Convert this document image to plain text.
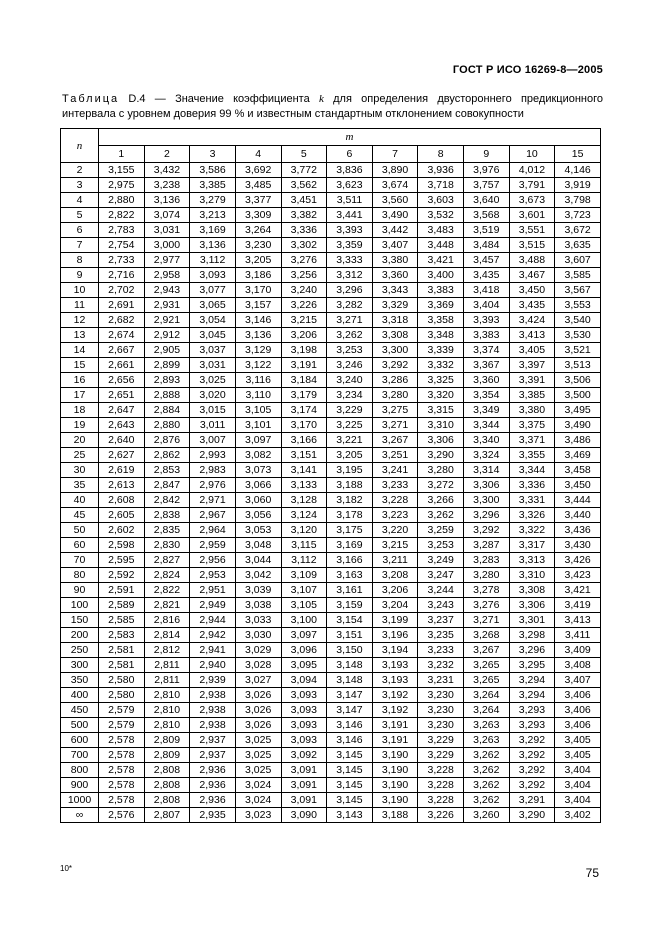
ГОСТ Р ИСО 16269-8—2005

Таблица D.4 — Значение коэффициента k для определения двустороннего предикционного интервала с уровнем доверия 99 % и известным стандартным отклонением совокупности

n	m										
	1	2	3	4	5	6	7	8	9	10	15
2	3,155	3,432	3,586	3,692	3,772	3,836	3,890	3,936	3,976	4,012	4,146
3	2,975	3,238	3,385	3,485	3,562	3,623	3,674	3,718	3,757	3,791	3,919
4	2,880	3,136	3,279	3,377	3,451	3,511	3,560	3,603	3,640	3,673	3,798
5	2,822	3,074	3,213	3,309	3,382	3,441	3,490	3,532	3,568	3,601	3,723
6	2,783	3,031	3,169	3,264	3,336	3,393	3,442	3,483	3,519	3,551	3,672
7	2,754	3,000	3,136	3,230	3,302	3,359	3,407	3,448	3,484	3,515	3,635
8	2,733	2,977	3,112	3,205	3,276	3,333	3,380	3,421	3,457	3,488	3,607
9	2,716	2,958	3,093	3,186	3,256	3,312	3,360	3,400	3,435	3,467	3,585
10	2,702	2,943	3,077	3,170	3,240	3,296	3,343	3,383	3,418	3,450	3,567
11	2,691	2,931	3,065	3,157	3,226	3,282	3,329	3,369	3,404	3,435	3,553
12	2,682	2,921	3,054	3,146	3,215	3,271	3,318	3,358	3,393	3,424	3,540
13	2,674	2,912	3,045	3,136	3,206	3,262	3,308	3,348	3,383	3,413	3,530
14	2,667	2,905	3,037	3,129	3,198	3,253	3,300	3,339	3,374	3,405	3,521
15	2,661	2,899	3,031	3,122	3,191	3,246	3,292	3,332	3,367	3,397	3,513
16	2,656	2,893	3,025	3,116	3,184	3,240	3,286	3,325	3,360	3,391	3,506
17	2,651	2,888	3,020	3,110	3,179	3,234	3,280	3,320	3,354	3,385	3,500
18	2,647	2,884	3,015	3,105	3,174	3,229	3,275	3,315	3,349	3,380	3,495
19	2,643	2,880	3,011	3,101	3,170	3,225	3,271	3,310	3,344	3,375	3,490
20	2,640	2,876	3,007	3,097	3,166	3,221	3,267	3,306	3,340	3,371	3,486
25	2,627	2,862	2,993	3,082	3,151	3,205	3,251	3,290	3,324	3,355	3,469
30	2,619	2,853	2,983	3,073	3,141	3,195	3,241	3,280	3,314	3,344	3,458
35	2,613	2,847	2,976	3,066	3,133	3,188	3,233	3,272	3,306	3,336	3,450
40	2,608	2,842	2,971	3,060	3,128	3,182	3,228	3,266	3,300	3,331	3,444
45	2,605	2,838	2,967	3,056	3,124	3,178	3,223	3,262	3,296	3,326	3,440
50	2,602	2,835	2,964	3,053	3,120	3,175	3,220	3,259	3,292	3,322	3,436
60	2,598	2,830	2,959	3,048	3,115	3,169	3,215	3,253	3,287	3,317	3,430
70	2,595	2,827	2,956	3,044	3,112	3,166	3,211	3,249	3,283	3,313	3,426
80	2,592	2,824	2,953	3,042	3,109	3,163	3,208	3,247	3,280	3,310	3,423
90	2,591	2,822	2,951	3,039	3,107	3,161	3,206	3,244	3,278	3,308	3,421
100	2,589	2,821	2,949	3,038	3,105	3,159	3,204	3,243	3,276	3,306	3,419
150	2,585	2,816	2,944	3,033	3,100	3,154	3,199	3,237	3,271	3,301	3,413
200	2,583	2,814	2,942	3,030	3,097	3,151	3,196	3,235	3,268	3,298	3,411
250	2,581	2,812	2,941	3,029	3,096	3,150	3,194	3,233	3,267	3,296	3,409
300	2,581	2,811	2,940	3,028	3,095	3,148	3,193	3,232	3,265	3,295	3,408
350	2,580	2,811	2,939	3,027	3,094	3,148	3,193	3,231	3,265	3,294	3,407
400	2,580	2,810	2,938	3,026	3,093	3,147	3,192	3,230	3,264	3,294	3,406
450	2,579	2,810	2,938	3,026	3,093	3,147	3,192	3,230	3,264	3,293	3,406
500	2,579	2,810	2,938	3,026	3,093	3,146	3,191	3,230	3,263	3,293	3,406
600	2,578	2,809	2,937	3,025	3,093	3,146	3,191	3,229	3,263	3,292	3,405
700	2,578	2,809	2,937	3,025	3,092	3,145	3,190	3,229	3,262	3,292	3,405
800	2,578	2,808	2,936	3,025	3,091	3,145	3,190	3,228	3,262	3,292	3,404
900	2,578	2,808	2,936	3,024	3,091	3,145	3,190	3,228	3,262	3,292	3,404
1000	2,578	2,808	2,936	3,024	3,091	3,145	3,190	3,228	3,262	3,291	3,404
∞	2,576	2,807	2,935	3,023	3,090	3,143	3,188	3,226	3,260	3,290	3,402
10*	75
